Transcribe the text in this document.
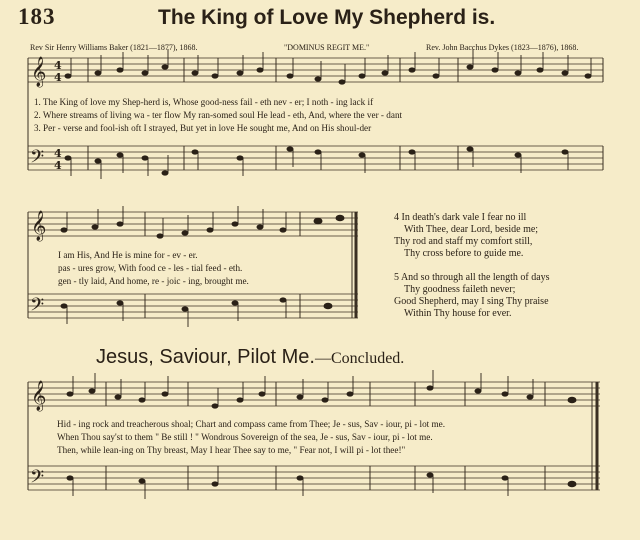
183	The King of Love My Shepherd is.
Rev Sir Henry Williams Baker (1821—1877), 1868.	"DOMINUS REGIT ME."	Rev. John Bacchus Dykes (1823—1876), 1868.
𝄞
𝄢
4
4
4
4
𝄞
𝄢
𝄞
𝄢
1. The King of love my Shep-herd is, Whose good-ness fail - eth nev - er; I noth - ing lack if
2. Where streams of living wa - ter flow My ran-somed soul He lead - eth, And, where the ver - dant
3. Per - verse and fool-ish oft I strayed, But yet in love He sought me, And on His shoul-der
I am His, And He is mine for - ev - er.
pas - ures grow, With food ce - les - tial feed - eth.
gen - tly laid, And home, re - joic - ing, brought me.
4 In death's dark vale I fear no ill
With Thee, dear Lord, beside me;
Thy rod and staff my comfort still,
Thy cross before to guide me.
5 And so through all the length of days
Thy goodness faileth never;
Good Shepherd, may I sing Thy praise
Within Thy house for ever.
Jesus, Saviour, Pilot Me.—Concluded.
Hid - ing rock and treacherous shoal; Chart and compass came from Thee; Je - sus, Sav - iour, pi - lot me.
When Thou say'st to them " Be still ! " Wondrous Sovereign of the sea, Je - sus, Sav - iour, pi - lot me.
Then, while lean-ing on Thy breast, May I hear Thee say to me, " Fear not, I will pi - lot thee!"
